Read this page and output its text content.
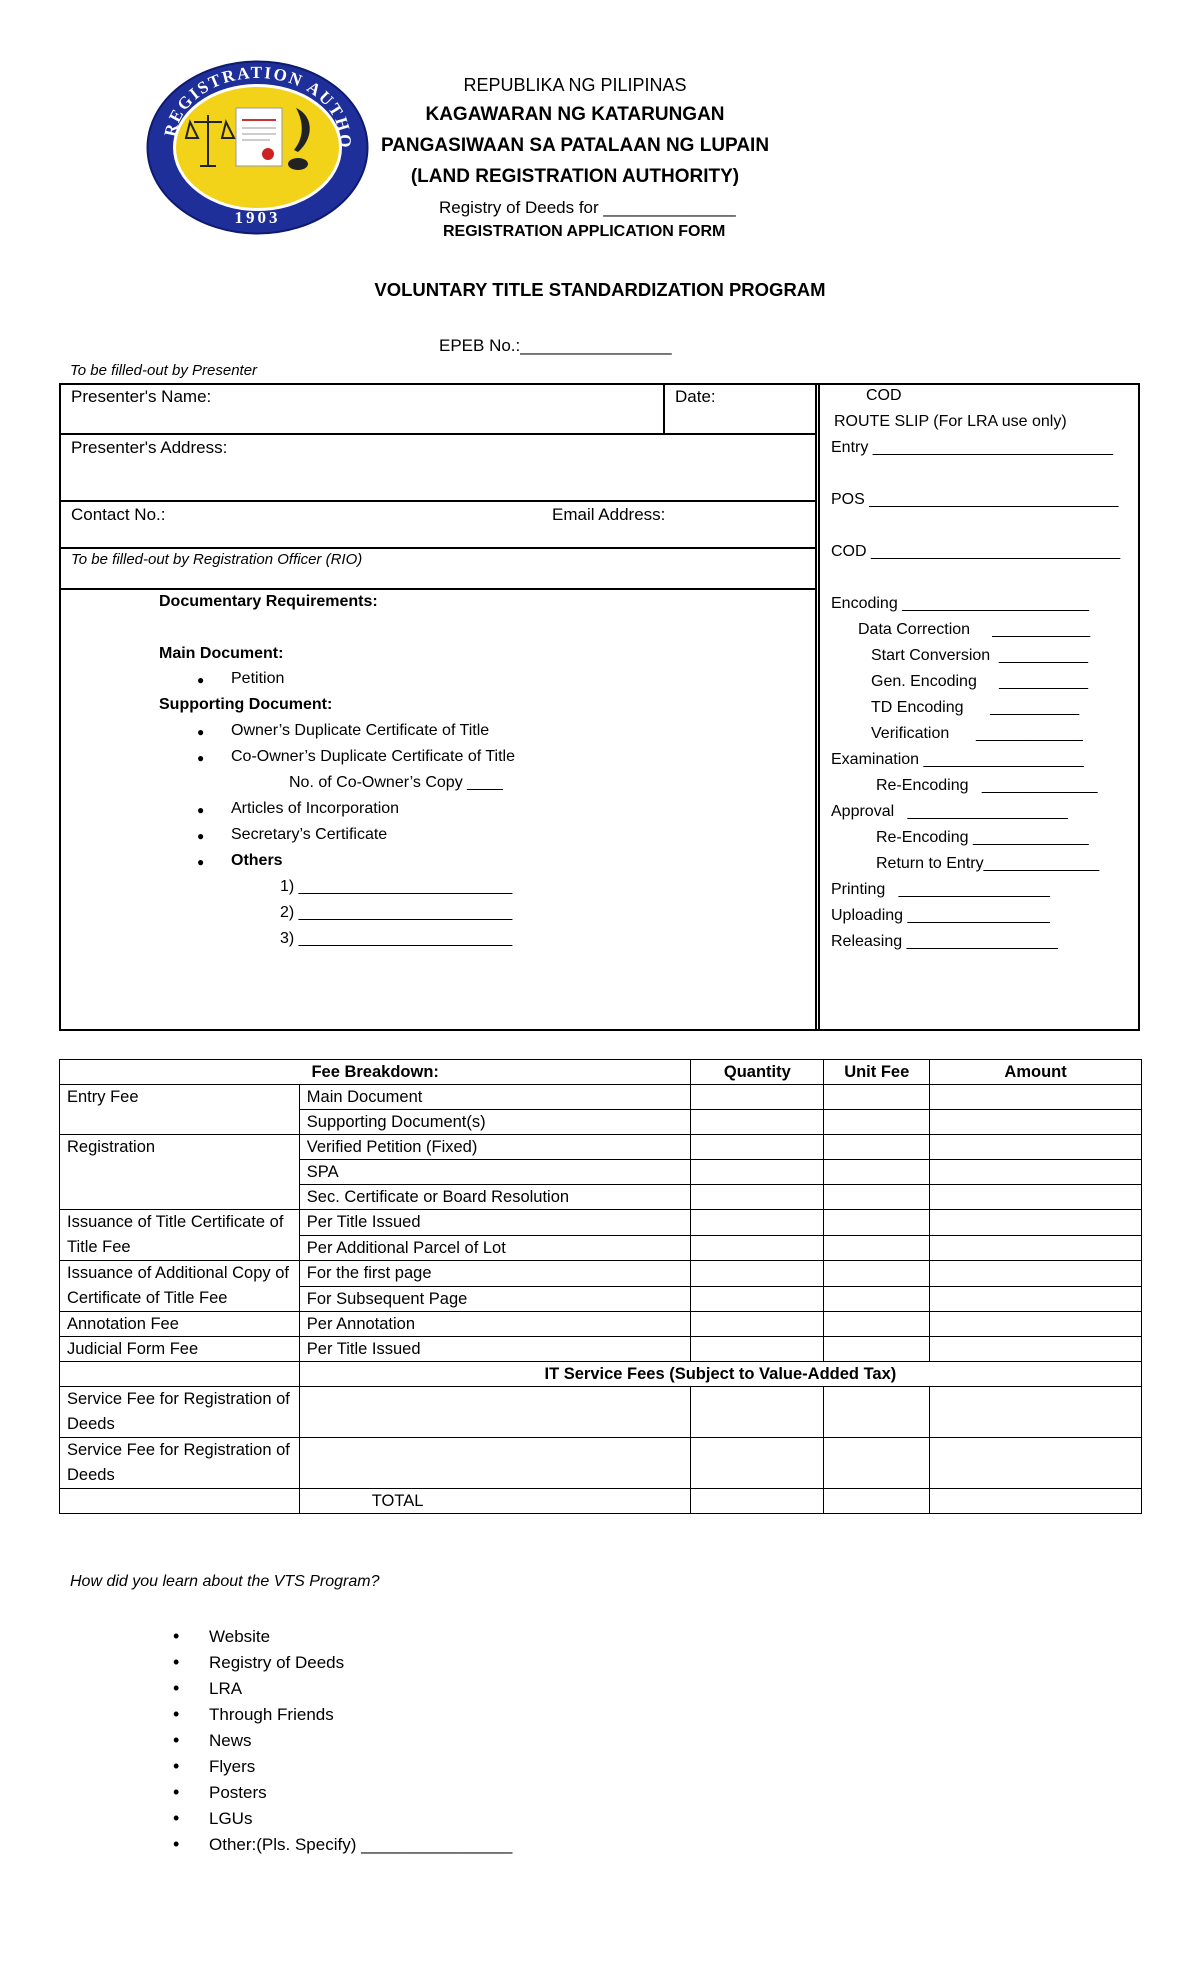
REGISTRATION AUTHO
1903
REPUBLIKA NG PILIPINAS
KAGAWARAN NG KATARUNGAN
PANGASIWAAN SA PATALAAN NG LUPAIN
(LAND REGISTRATION AUTHORITY)
Registry of Deeds for ______________
REGISTRATION APPLICATION FORM
VOLUNTARY TITLE STANDARDIZATION PROGRAM
EPEB No.:________________
To be filled-out by Presenter
Presenter's Name:	Date:
Presenter's Address:
Contact No.:	Email Address:
To be filled-out by Registration Officer (RIO)
Documentary Requirements:
Main Document:
● Petition
Supporting Document:
● Owner’s Duplicate Certificate of Title
● Co-Owner’s Duplicate Certificate of Title
No. of Co-Owner’s Copy ____
● Articles of Incorporation
● Secretary’s Certificate
● Others
1) ________________________
2) ________________________
3) ________________________
COD
ROUTE SLIP (For LRA use only)
Entry ___________________________
POS ____________________________
COD ____________________________
Encoding _____________________
Data Correction     ___________
Start Conversion  __________
Gen. Encoding     __________
TD Encoding      __________
Verification      ____________
Examination __________________
Re-Encoding   _____________
Approval   __________________
Re-Encoding _____________
Return to Entry_____________
Printing   _________________
Uploading ________________
Releasing _________________
Fee Breakdown:		Quantity	Unit Fee	Amount
Entry Fee	Main Document			
	Supporting Document(s)			
Registration	Verified Petition (Fixed)			
	SPA			
	Sec. Certificate or Board Resolution			
Issuance of Title Certificate of Title Fee	Per Title Issued			
	Per Additional Parcel of Lot			
Issuance of Additional Copy of Certificate of Title Fee	For the first page			
	For Subsequent Page			
Annotation Fee	Per Annotation			
Judicial Form Fee	Per Title Issued			
	IT Service Fees (Subject to Value-Added Tax)			
Service Fee for Registration of Deeds				
Service Fee for Registration of Deeds				
	TOTAL			
How did you learn about the VTS Program?
• Website
• Registry of Deeds
• LRA
• Through Friends
• News
• Flyers
• Posters
• LGUs
• Other:(Pls. Specify) ________________
